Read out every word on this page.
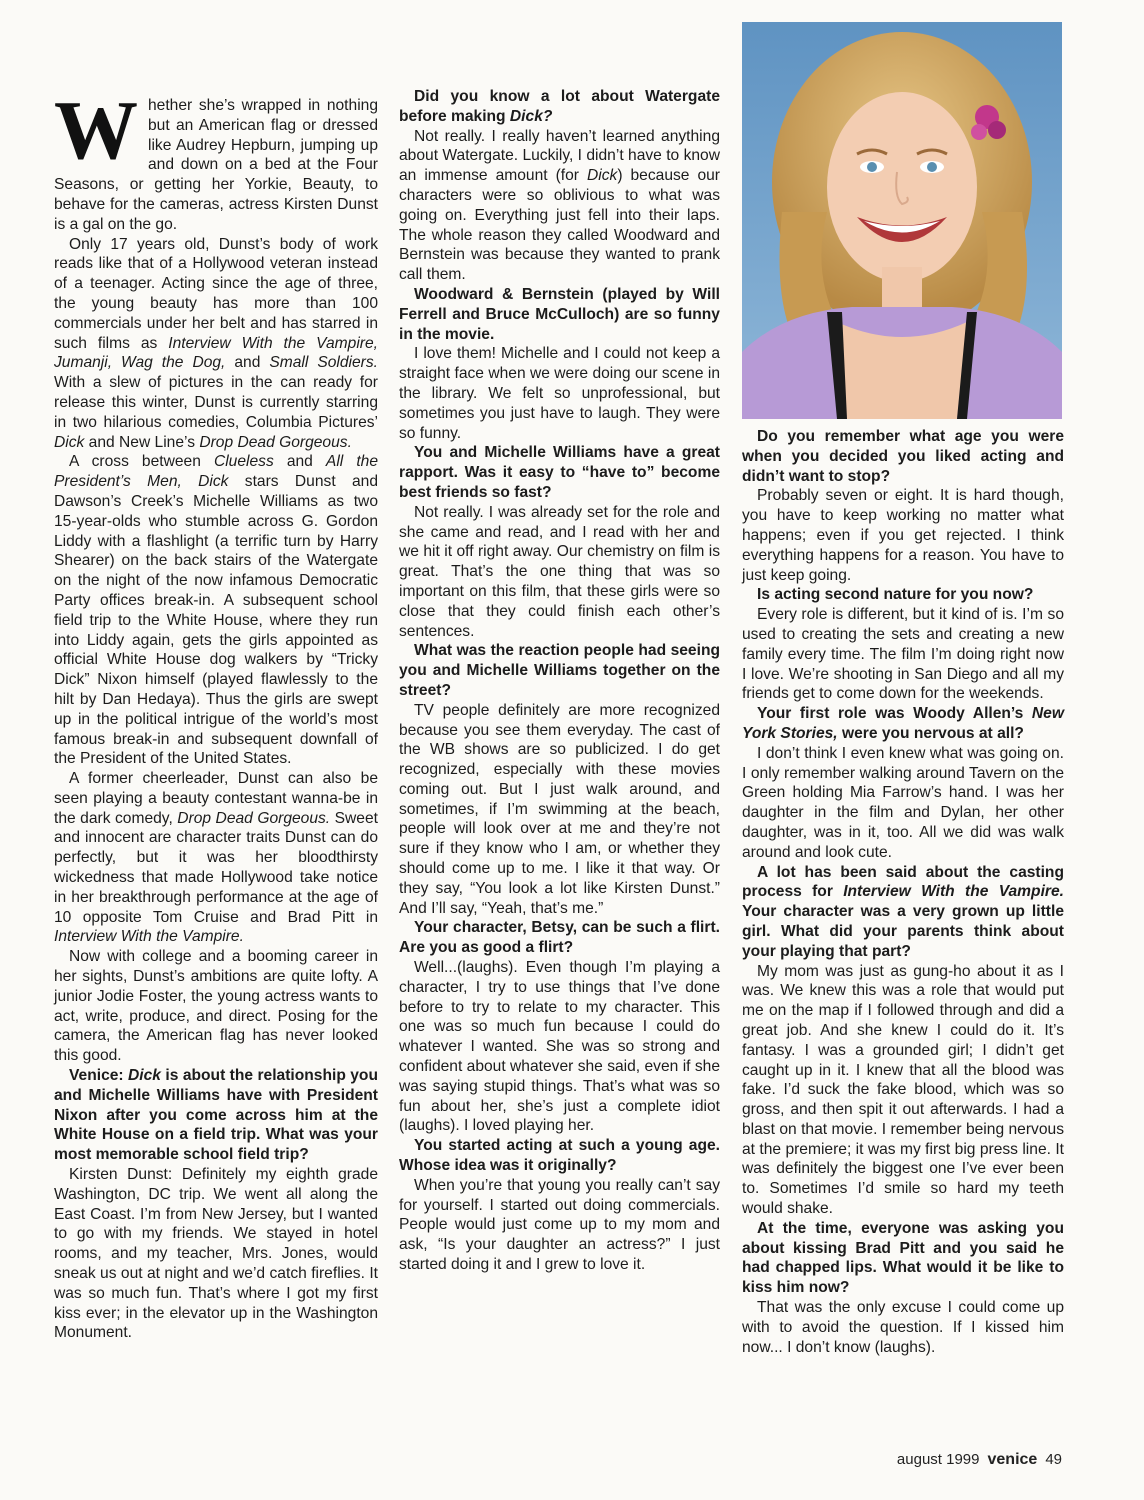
Whether she’s wrapped in nothing but an American flag or dressed like Audrey Hepburn, jumping up and down on a bed at the Four Seasons, or getting her Yorkie, Beauty, to behave for the cameras, actress Kirsten Dunst is a gal on the go.

Only 17 years old, Dunst’s body of work reads like that of a Hollywood veteran instead of a teenager. Acting since the age of three, the young beauty has more than 100 commercials under her belt and has starred in such films as Interview With the Vampire, Jumanji, Wag the Dog, and Small Soldiers. With a slew of pictures in the can ready for release this winter, Dunst is currently starring in two hilarious comedies, Columbia Pictures’ Dick and New Line’s Drop Dead Gorgeous.

A cross between Clueless and All the President’s Men, Dick stars Dunst and Dawson’s Creek’s Michelle Williams as two 15-year-olds who stumble across G. Gordon Liddy with a flashlight (a terrific turn by Harry Shearer) on the back stairs of the Watergate on the night of the now infamous Democratic Party offices break-in. A subsequent school field trip to the White House, where they run into Liddy again, gets the girls appointed as official White House dog walkers by “Tricky Dick” Nixon himself (played flawlessly to the hilt by Dan Hedaya). Thus the girls are swept up in the political intrigue of the world’s most famous break-in and subsequent downfall of the President of the United States.

A former cheerleader, Dunst can also be seen playing a beauty contestant wanna-be in the dark comedy, Drop Dead Gorgeous. Sweet and innocent are character traits Dunst can do perfectly, but it was her bloodthirsty wickedness that made Hollywood take notice in her breakthrough performance at the age of 10 opposite Tom Cruise and Brad Pitt in Interview With the Vampire.

Now with college and a booming career in her sights, Dunst’s ambitions are quite lofty. A junior Jodie Foster, the young actress wants to act, write, produce, and direct. Posing for the camera, the American flag has never looked this good.

Venice: Dick is about the relationship you and Michelle Williams have with President Nixon after you come across him at the White House on a field trip. What was your most memorable school field trip?

Kirsten Dunst: Definitely my eighth grade Washington, DC trip. We went all along the East Coast. I’m from New Jersey, but I wanted to go with my friends. We stayed in hotel rooms, and my teacher, Mrs. Jones, would sneak us out at night and we’d catch fireflies. It was so much fun. That’s where I got my first kiss ever; in the elevator up in the Washington Monument.

Did you know a lot about Watergate before making Dick?

Not really. I really haven’t learned anything about Watergate. Luckily, I didn’t have to know an immense amount (for Dick) because our characters were so oblivious to what was going on. Everything just fell into their laps. The whole reason they called Woodward and Bernstein was because they wanted to prank call them.

Woodward & Bernstein (played by Will Ferrell and Bruce McCulloch) are so funny in the movie.

I love them! Michelle and I could not keep a straight face when we were doing our scene in the library. We felt so unprofessional, but sometimes you just have to laugh. They were so funny.

You and Michelle Williams have a great rapport. Was it easy to “have to” become best friends so fast?

Not really. I was already set for the role and she came and read, and I read with her and we hit it off right away. Our chemistry on film is great. That’s the one thing that was so important on this film, that these girls were so close that they could finish each other’s sentences.

What was the reaction people had seeing you and Michelle Williams together on the street?

TV people definitely are more recognized because you see them everyday. The cast of the WB shows are so publicized. I do get recognized, especially with these movies coming out. But I just walk around, and sometimes, if I’m swimming at the beach, people will look over at me and they’re not sure if they know who I am, or whether they should come up to me. I like it that way. Or they say, “You look a lot like Kirsten Dunst.” And I’ll say, “Yeah, that’s me.”

Your character, Betsy, can be such a flirt. Are you as good a flirt?

Well...(laughs). Even though I’m playing a character, I try to use things that I’ve done before to try to relate to my character. This one was so much fun because I could do whatever I wanted. She was so strong and confident about whatever she said, even if she was saying stupid things. That’s what was so fun about her, she’s just a complete idiot (laughs). I loved playing her.

You started acting at such a young age. Whose idea was it originally?

When you’re that young you really can’t say for yourself. I started out doing commercials. People would just come up to my mom and ask, “Is your daughter an actress?” I just started doing it and I grew to love it.

Do you remember what age you were when you decided you liked acting and didn’t want to stop?

Probably seven or eight. It is hard though, you have to keep working no matter what happens; even if you get rejected. I think everything happens for a reason. You have to just keep going.

Is acting second nature for you now?

Every role is different, but it kind of is. I’m so used to creating the sets and creating a new family every time. The film I’m doing right now I love. We’re shooting in San Diego and all my friends get to come down for the weekends.

Your first role was Woody Allen’s New York Stories, were you nervous at all?

I don’t think I even knew what was going on. I only remember walking around Tavern on the Green holding Mia Farrow’s hand. I was her daughter in the film and Dylan, her other daughter, was in it, too. All we did was walk around and look cute.

A lot has been said about the casting process for Interview With the Vampire. Your character was a very grown up little girl. What did your parents think about your playing that part?

My mom was just as gung-ho about it as I was. We knew this was a role that would put me on the map if I followed through and did a great job. And she knew I could do it. It’s fantasy. I was a grounded girl; I didn’t get caught up in it. I knew that all the blood was fake. I’d suck the fake blood, which was so gross, and then spit it out afterwards. I had a blast on that movie. I remember being nervous at the premiere; it was my first big press line. It was definitely the biggest one I’ve ever been to. Sometimes I’d smile so hard my teeth would shake.

At the time, everyone was asking you about kissing Brad Pitt and you said he had chapped lips. What would it be like to kiss him now?

That was the only excuse I could come up with to avoid the question. If I kissed him now... I don’t know (laughs).

august 1999 venice 49
